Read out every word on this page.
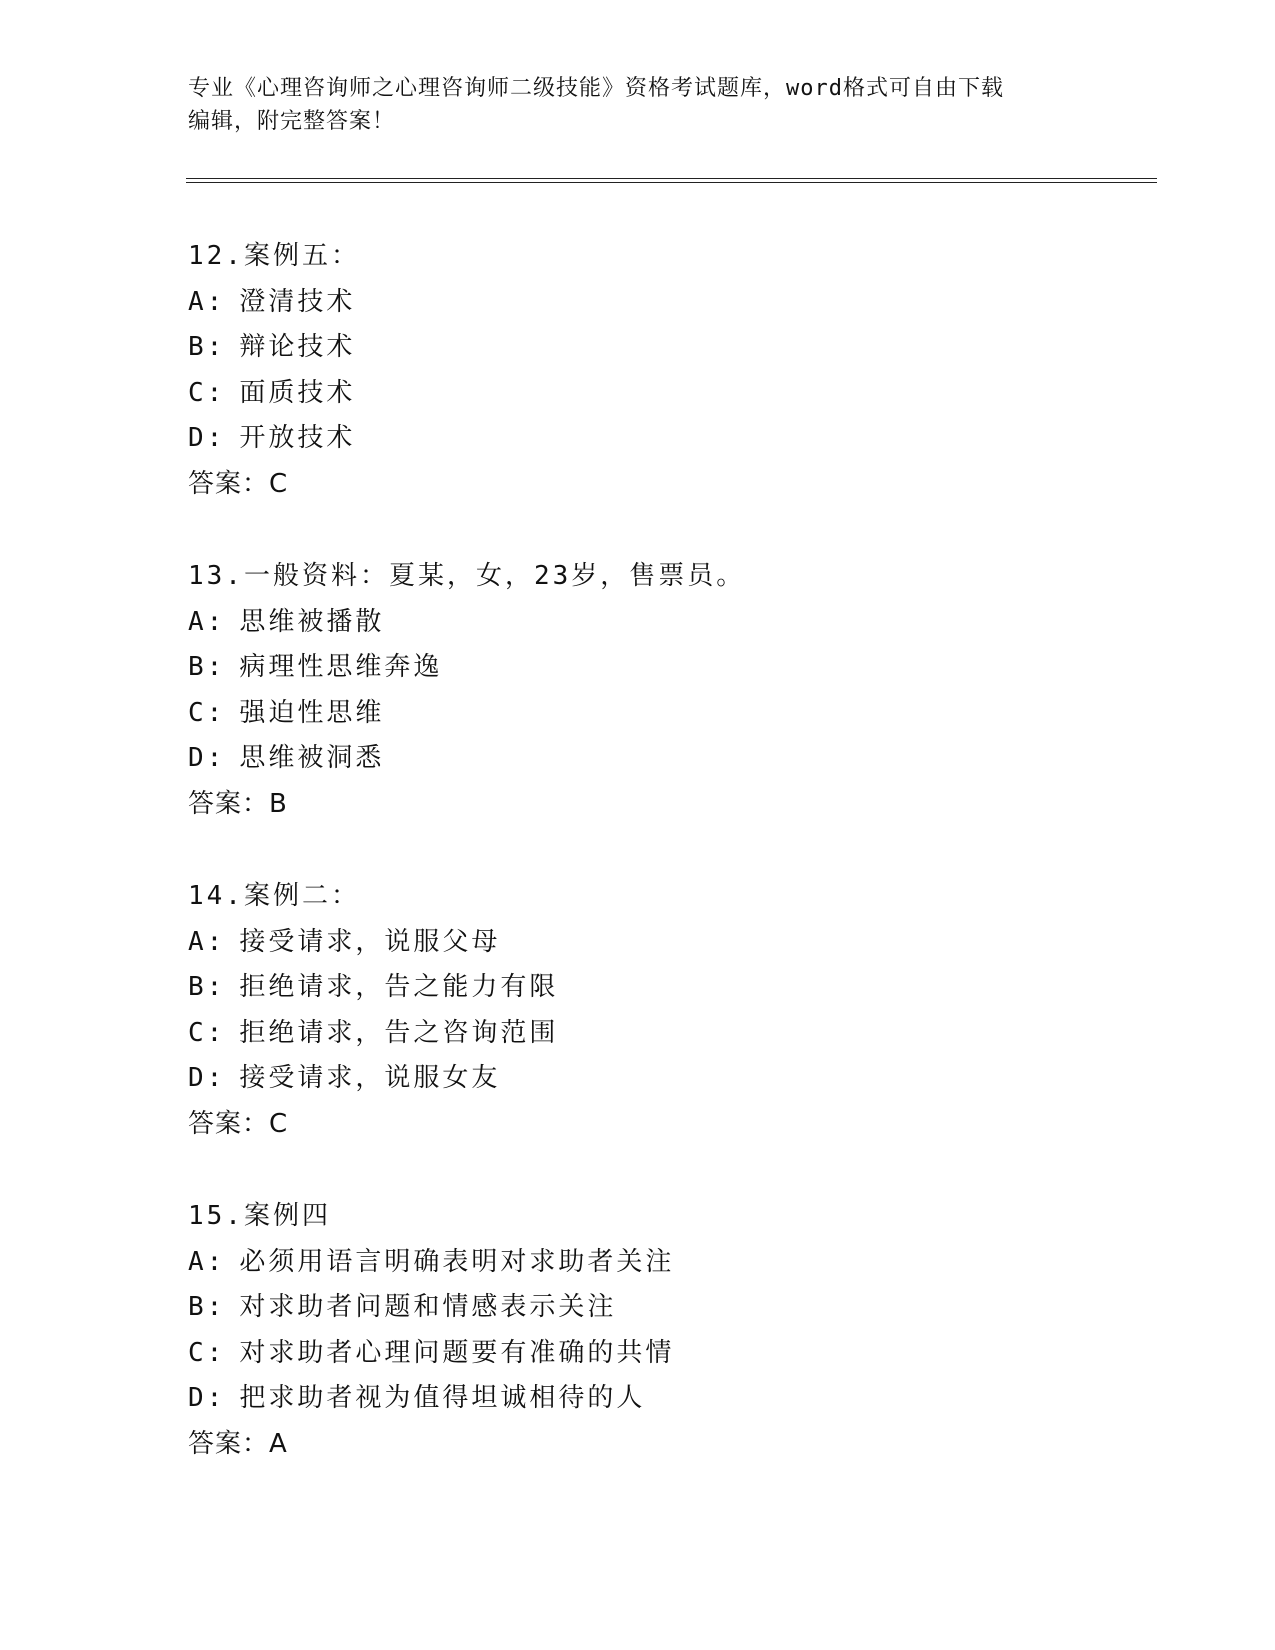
专业《心理咨询师之心理咨询师二级技能》资格考试题库，word格式可自由下载
编辑，附完整答案！
12.案例五：
A: 澄清技术
B: 辩论技术
C: 面质技术
D: 开放技术
答案：C
13.一般资料：夏某，女，23岁，售票员。
A: 思维被播散
B: 病理性思维奔逸
C: 强迫性思维
D: 思维被洞悉
答案：B
14.案例二：
A: 接受请求，说服父母
B: 拒绝请求，告之能力有限
C: 拒绝请求，告之咨询范围
D: 接受请求，说服女友
答案：C
15.案例四
A: 必须用语言明确表明对求助者关注
B: 对求助者问题和情感表示关注
C: 对求助者心理问题要有准确的共情
D: 把求助者视为值得坦诚相待的人
答案：A
